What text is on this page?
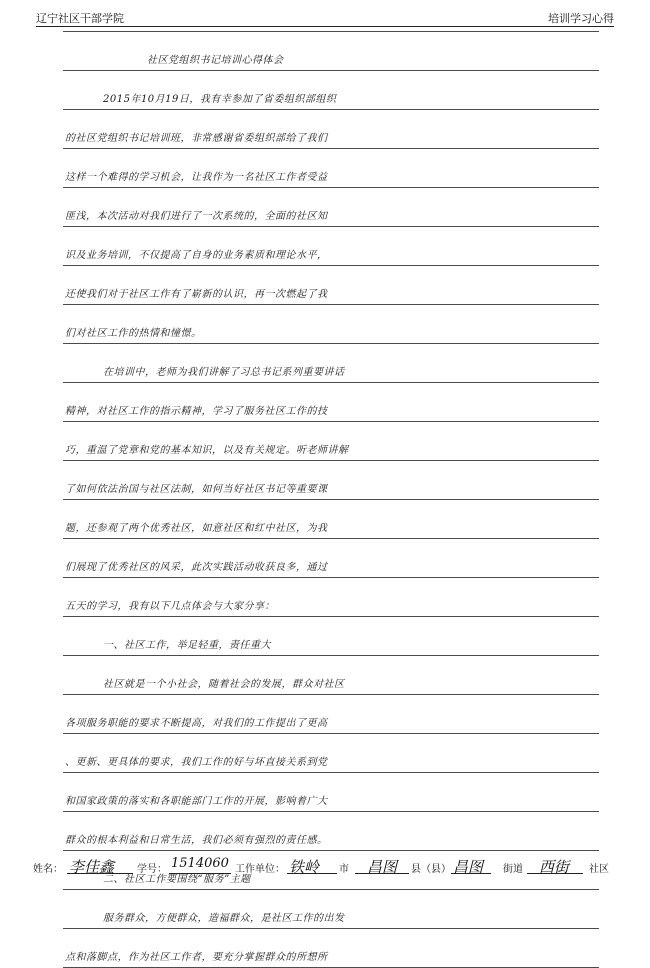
辽宁社区干部学院	培训学习心得
社区党组织书记培训心得体会
2015年10月19日，我有幸参加了省委组织部组织
的社区党组织书记培训班，非常感谢省委组织部给了我们
这样一个难得的学习机会，让我作为一名社区工作者受益
匪浅，本次活动对我们进行了一次系统的，全面的社区知
识及业务培训，不仅提高了自身的业务素质和理论水平，
还使我们对于社区工作有了崭新的认识，再一次燃起了我
们对社区工作的热情和憧憬。
在培训中，老师为我们讲解了习总书记系列重要讲话
精神，对社区工作的指示精神，学习了服务社区工作的技
巧，重温了党章和党的基本知识，以及有关规定。听老师讲解
了如何依法治国与社区法制，如何当好社区书记等重要课
题，还参观了两个优秀社区，如意社区和红中社区，为我
们展现了优秀社区的风采，此次实践活动收获良多，通过
五天的学习，我有以下几点体会与大家分享：
一、社区工作，举足轻重，责任重大
社区就是一个小社会，随着社会的发展，群众对社区
各项服务职能的要求不断提高，对我们的工作提出了更高
、更新、更具体的要求，我们工作的好与坏直接关系到党
和国家政策的落实和各职能部门工作的开展，影响着广大
群众的根本利益和日常生活，我们必须有强烈的责任感。
二、社区工作要围绕“服务”主题
服务群众，方便群众，造福群众，是社区工作的出发
点和落脚点，作为社区工作者，要充分掌握群众的所想所
姓名： 李佳鑫 学号： 1514060 工作单位： 铁岭 市 昌图 县（县） 昌图 街道 西街 社区
